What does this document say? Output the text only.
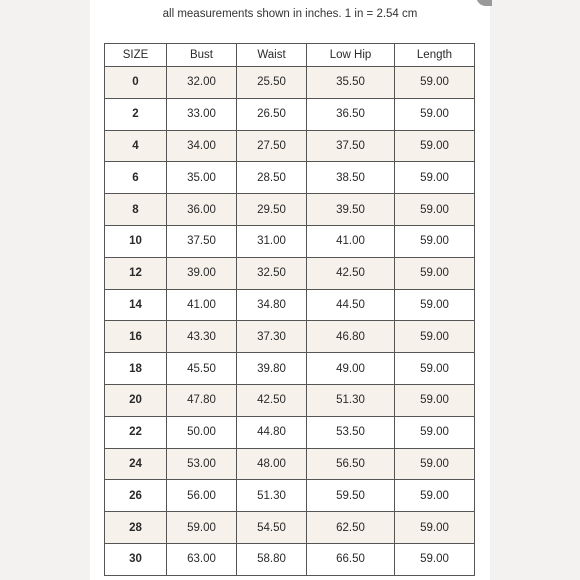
all measurements shown in inches. 1 in = 2.54 cm
SIZE	Bust	Waist	Low Hip	Length
0	32.00	25.50	35.50	59.00
2	33.00	26.50	36.50	59.00
4	34.00	27.50	37.50	59.00
6	35.00	28.50	38.50	59.00
8	36.00	29.50	39.50	59.00
10	37.50	31.00	41.00	59.00
12	39.00	32.50	42.50	59.00
14	41.00	34.80	44.50	59.00
16	43.30	37.30	46.80	59.00
18	45.50	39.80	49.00	59.00
20	47.80	42.50	51.30	59.00
22	50.00	44.80	53.50	59.00
24	53.00	48.00	56.50	59.00
26	56.00	51.30	59.50	59.00
28	59.00	54.50	62.50	59.00
30	63.00	58.80	66.50	59.00
